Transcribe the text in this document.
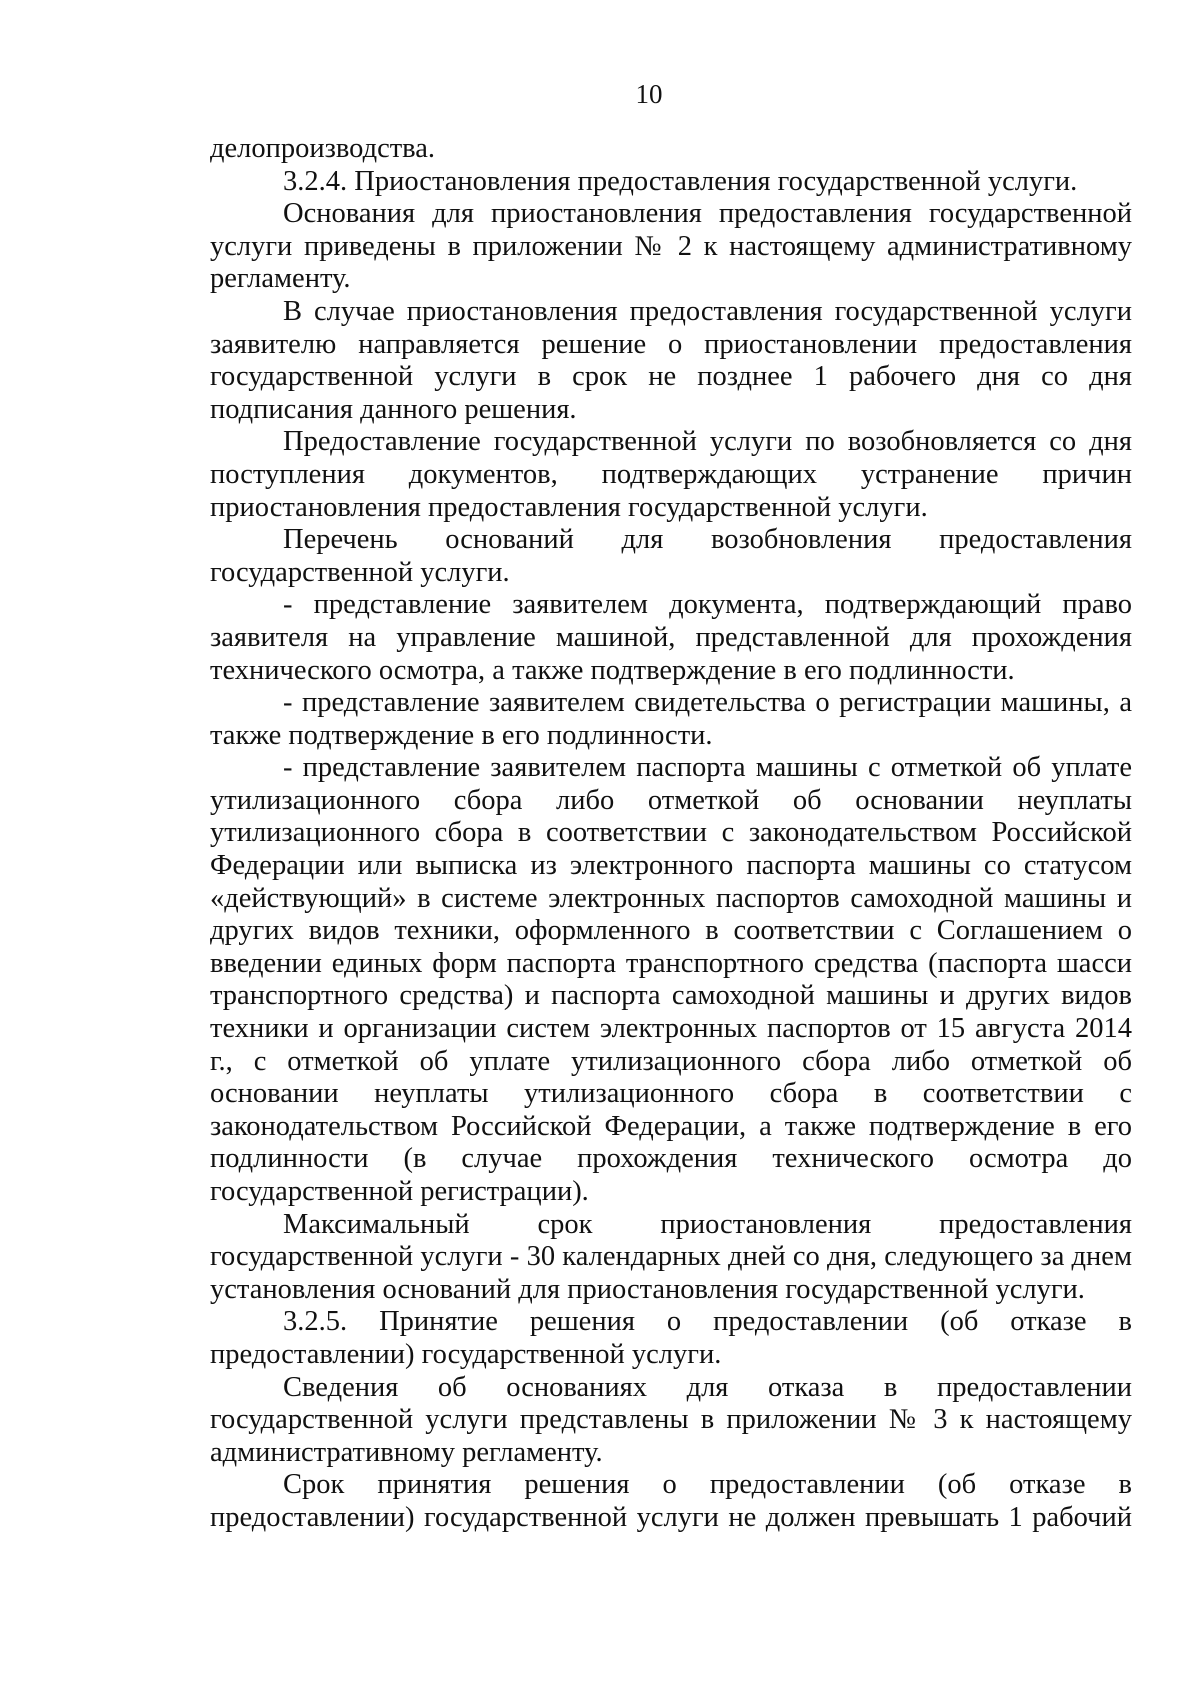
10

делопроизводства.

3.2.4. Приостановления предоставления государственной услуги.

Основания для приостановления предоставления государственной услуги приведены в приложении № 2 к настоящему административному регламенту.

В случае приостановления предоставления государственной услуги заявителю направляется решение о приостановлении предоставления государственной услуги в срок не позднее 1 рабочего дня со дня подписания данного решения.

Предоставление государственной услуги по возобновляется со дня поступления документов, подтверждающих устранение причин приостановления предоставления государственной услуги.

Перечень оснований для возобновления предоставления государственной услуги.

- представление заявителем документа, подтверждающий право заявителя на управление машиной, представленной для прохождения технического осмотра, а также подтверждение в его подлинности.

- представление заявителем свидетельства о регистрации машины, а также подтверждение в его подлинности.

- представление заявителем паспорта машины с отметкой об уплате утилизационного сбора либо отметкой об основании неуплаты утилизационного сбора в соответствии с законодательством Российской Федерации или выписка из электронного паспорта машины со статусом «действующий» в системе электронных паспортов самоходной машины и других видов техники, оформленного в соответствии с Соглашением о введении единых форм паспорта транспортного средства (паспорта шасси транспортного средства) и паспорта самоходной машины и других видов техники и организации систем электронных паспортов от 15 августа 2014 г., с отметкой об уплате утилизационного сбора либо отметкой об основании неуплаты утилизационного сбора в соответствии с законодательством Российской Федерации, а также подтверждение в его подлинности (в случае прохождения технического осмотра до государственной регистрации).

Максимальный срок приостановления предоставления государственной услуги - 30 календарных дней со дня, следующего за днем установления оснований для приостановления государственной услуги.

3.2.5. Принятие решения о предоставлении (об отказе в предоставлении) государственной услуги.

Сведения об основаниях для отказа в предоставлении государственной услуги представлены в приложении № 3 к настоящему административному регламенту.

Срок принятия решения о предоставлении (об отказе в предоставлении) государственной услуги не должен превышать 1 рабочий
